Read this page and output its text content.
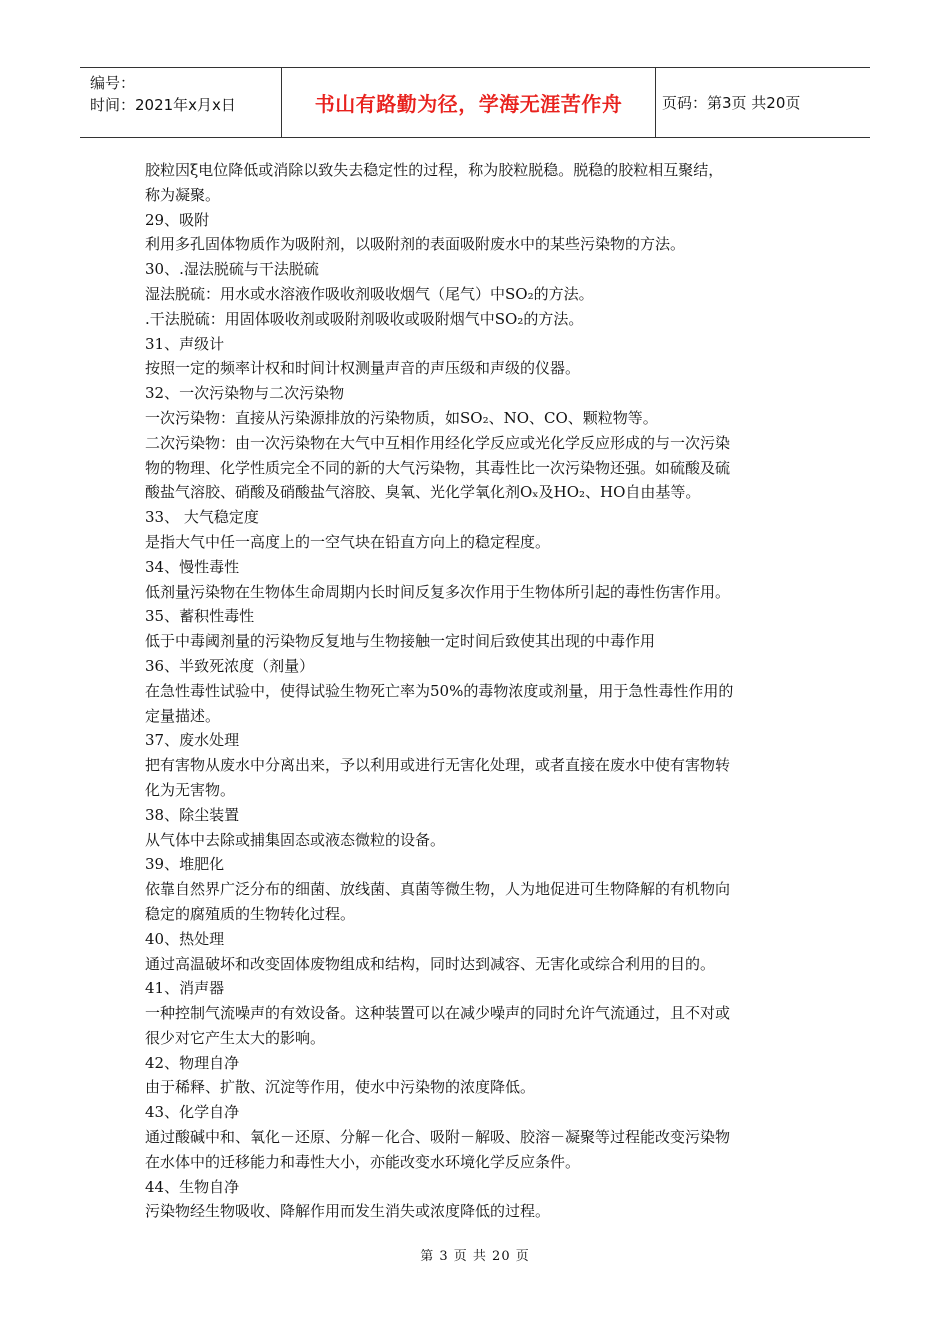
编号：
时间：2021年x月x日	书山有路勤为径，学海无涯苦作舟	页码：第3页 共20页

胶粒因ξ电位降低或消除以致失去稳定性的过程，称为胶粒脱稳。脱稳的胶粒相互聚结，

称为凝聚。

29、吸附

利用多孔固体物质作为吸附剂，以吸附剂的表面吸附废水中的某些污染物的方法。

30、.湿法脱硫与干法脱硫

湿法脱硫：用水或水溶液作吸收剂吸收烟气（尾气）中SO₂的方法。

.干法脱硫：用固体吸收剂或吸附剂吸收或吸附烟气中SO₂的方法。

31、声级计

按照一定的频率计权和时间计权测量声音的声压级和声级的仪器。

32、一次污染物与二次污染物

一次污染物：直接从污染源排放的污染物质，如SO₂、NO、CO、颗粒物等。

二次污染物：由一次污染物在大气中互相作用经化学反应或光化学反应形成的与一次污染

物的物理、化学性质完全不同的新的大气污染物，其毒性比一次污染物还强。如硫酸及硫

酸盐气溶胶、硝酸及硝酸盐气溶胶、臭氧、光化学氧化剂Oₓ及HO₂、HO自由基等。

33、 大气稳定度

是指大气中任一高度上的一空气块在铅直方向上的稳定程度。

34、慢性毒性

低剂量污染物在生物体生命周期内长时间反复多次作用于生物体所引起的毒性伤害作用。

35、蓄积性毒性

低于中毒阈剂量的污染物反复地与生物接触一定时间后致使其出现的中毒作用

36、半致死浓度（剂量）

在急性毒性试验中，使得试验生物死亡率为50%的毒物浓度或剂量，用于急性毒性作用的

定量描述。

37、废水处理

把有害物从废水中分离出来，予以利用或进行无害化处理，或者直接在废水中使有害物转

化为无害物。

38、除尘装置

从气体中去除或捕集固态或液态微粒的设备。

39、堆肥化

依靠自然界广泛分布的细菌、放线菌、真菌等微生物，人为地促进可生物降解的有机物向

稳定的腐殖质的生物转化过程。

40、热处理

通过高温破坏和改变固体废物组成和结构，同时达到减容、无害化或综合利用的目的。

41、消声器

一种控制气流噪声的有效设备。这种装置可以在减少噪声的同时允许气流通过，且不对或

很少对它产生太大的影响。

42、物理自净

由于稀释、扩散、沉淀等作用，使水中污染物的浓度降低。

43、化学自净

通过酸碱中和、氧化－还原、分解－化合、吸附－解吸、胶溶－凝聚等过程能改变污染物

在水体中的迁移能力和毒性大小，亦能改变水环境化学反应条件。

44、生物自净

污染物经生物吸收、降解作用而发生消失或浓度降低的过程。

第 3 页 共 20 页
